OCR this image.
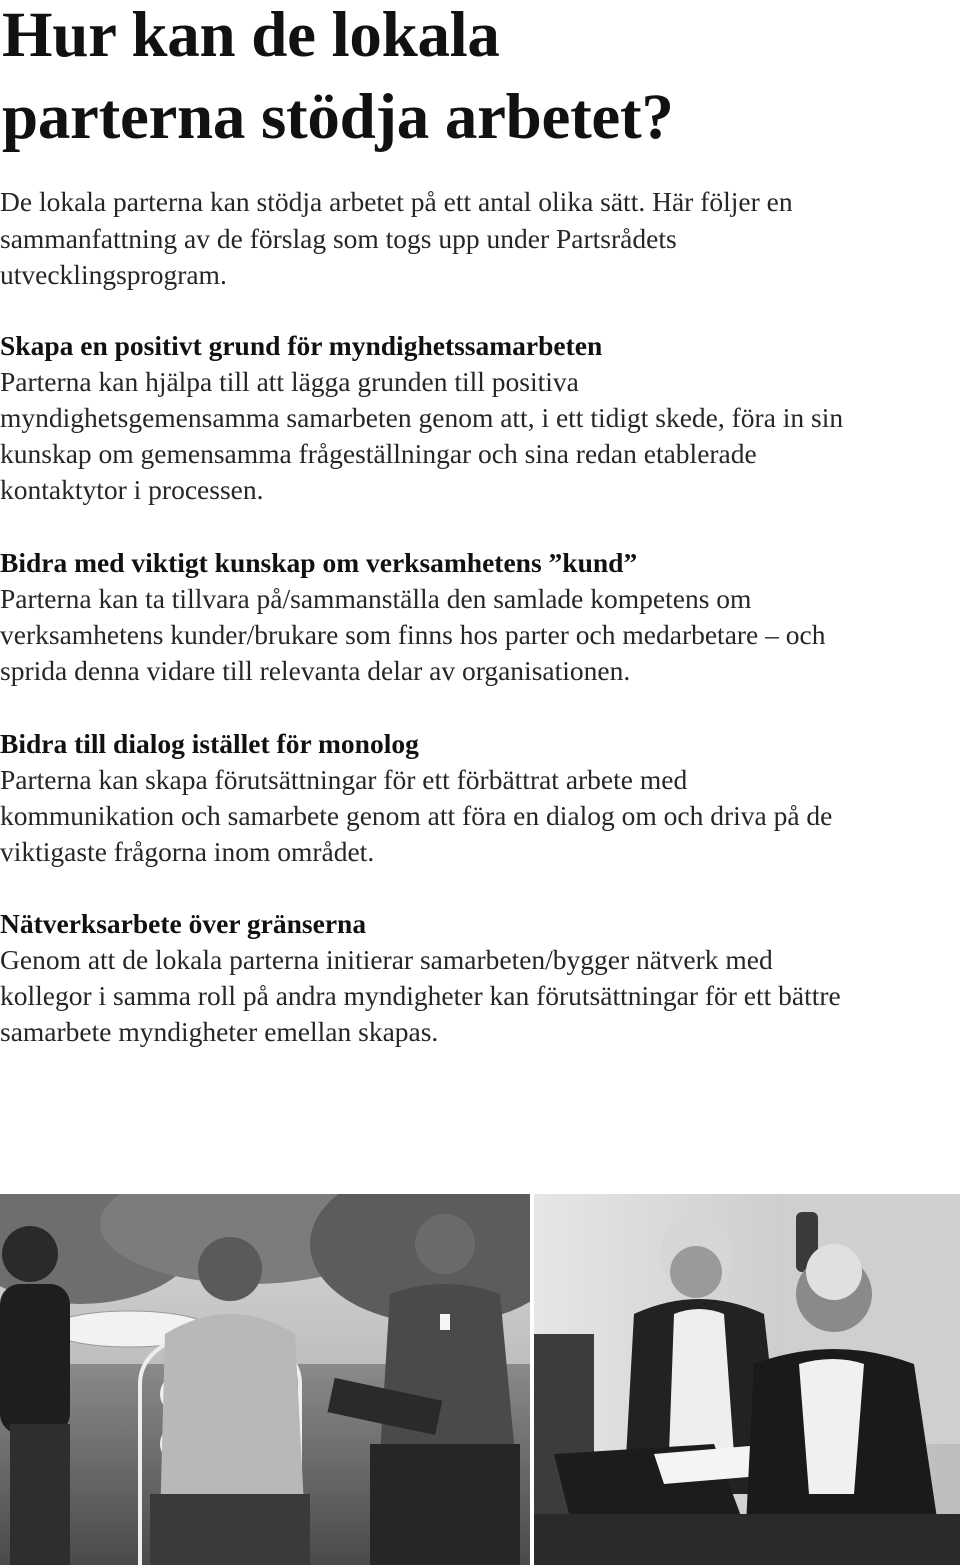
Hur kan de lokala
parterna stödja arbetet?

De lokala parterna kan stödja arbetet på ett antal olika sätt. Här följer en
sammanfattning av de förslag som togs upp under Partsrådets
utvecklingsprogram.

Skapa en positivt grund för myndighetssamarbeten

Parterna kan hjälpa till att lägga grunden till positiva
myndighetsgemensamma samarbeten genom att, i ett tidigt skede, föra in sin
kunskap om gemensamma frågeställningar och sina redan etablerade
kontaktytor i processen.

Bidra med viktigt kunskap om verksamhetens ”kund”

Parterna kan ta tillvara på/sammanställa den samlade kompetens om
verksamhetens kunder/brukare som finns hos parter och medarbetare – och
sprida denna vidare till relevanta delar av organisationen.

Bidra till dialog istället för monolog

Parterna kan skapa förutsättningar för ett förbättrat arbete med
kommunikation och samarbete genom att föra en dialog om och driva på de
viktigaste frågorna inom området.

Nätverksarbete över gränserna

Genom att de lokala parterna initierar samarbeten/bygger nätverk med
kollegor i samma roll på andra myndigheter kan förutsättningar för ett bättre
samarbete myndigheter emellan skapas.
